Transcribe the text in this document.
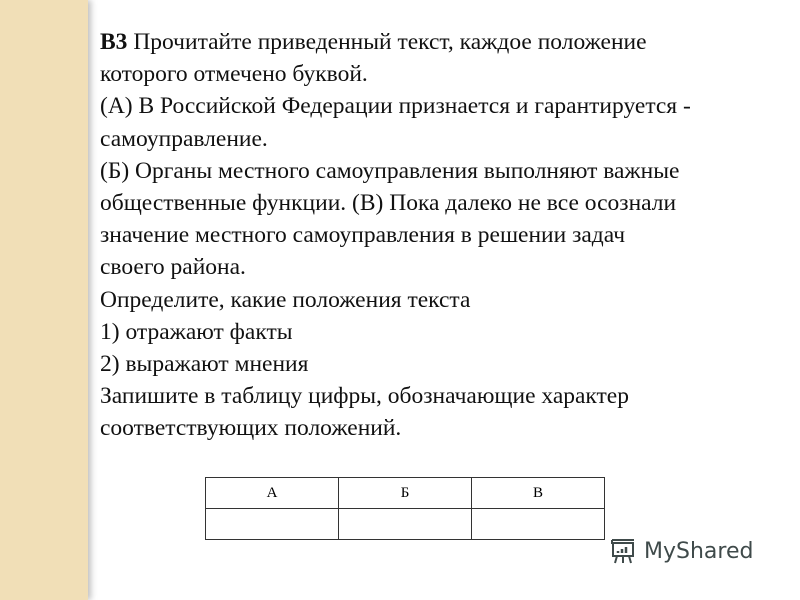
B3 Прочитайте приведенный текст, каждое положение

которого отмечено буквой.

(А) В Российской Федерации признается и гарантируется -

самоуправление.

(Б) Органы местного самоуправления выполняют важные

общественные функции. (В) Пока далеко не все осознали

значение местного самоуправления в решении задач

своего района.

Определите, какие положения текста

1) отражают факты

2) выражают мнения

Запишите в таблицу цифры, обозначающие характер

соответствующих положений.

А	Б	В

MyShared
